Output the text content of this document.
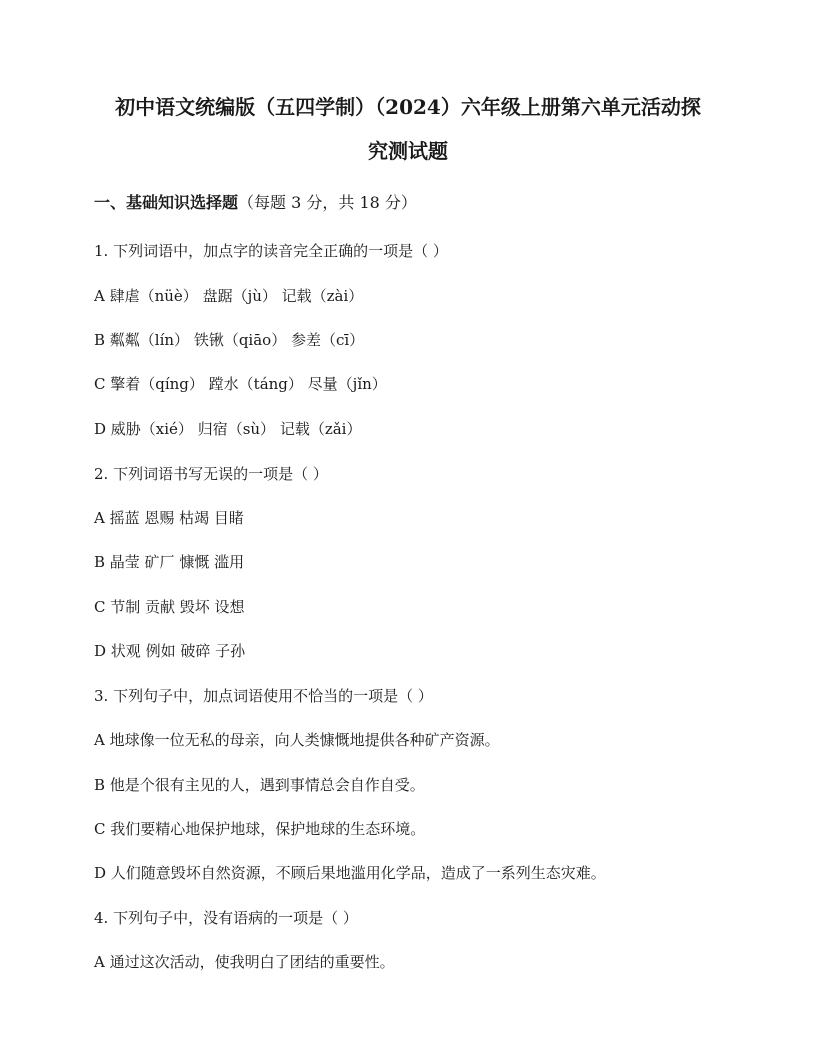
初中语文统编版（五四学制）（2024）六年级上册第六单元活动探
究测试题
一、基础知识选择题（每题 3 分，共 18 分）
1. 下列词语中，加点字的读音完全正确的一项是（ ）
A 肆虐（nüè） 盘踞（jù） 记载（zài）
B 粼粼（lín） 铁锹（qiāo） 参差（cī）
C 擎着（qíng） 蹚水（táng） 尽量（jǐn）
D 威胁（xié） 归宿（sù） 记载（zǎi）
2. 下列词语书写无误的一项是（ ）
A 摇蓝 恩赐 枯竭 目睹
B 晶莹 矿厂 慷慨 滥用
C 节制 贡献 毁坏 设想
D 状观 例如 破碎 子孙
3. 下列句子中，加点词语使用不恰当的一项是（ ）
A 地球像一位无私的母亲，向人类慷慨地提供各种矿产资源。
B 他是个很有主见的人，遇到事情总会自作自受。
C 我们要精心地保护地球，保护地球的生态环境。
D 人们随意毁坏自然资源，不顾后果地滥用化学品，造成了一系列生态灾难。
4. 下列句子中，没有语病的一项是（ ）
A 通过这次活动，使我明白了团结的重要性。
